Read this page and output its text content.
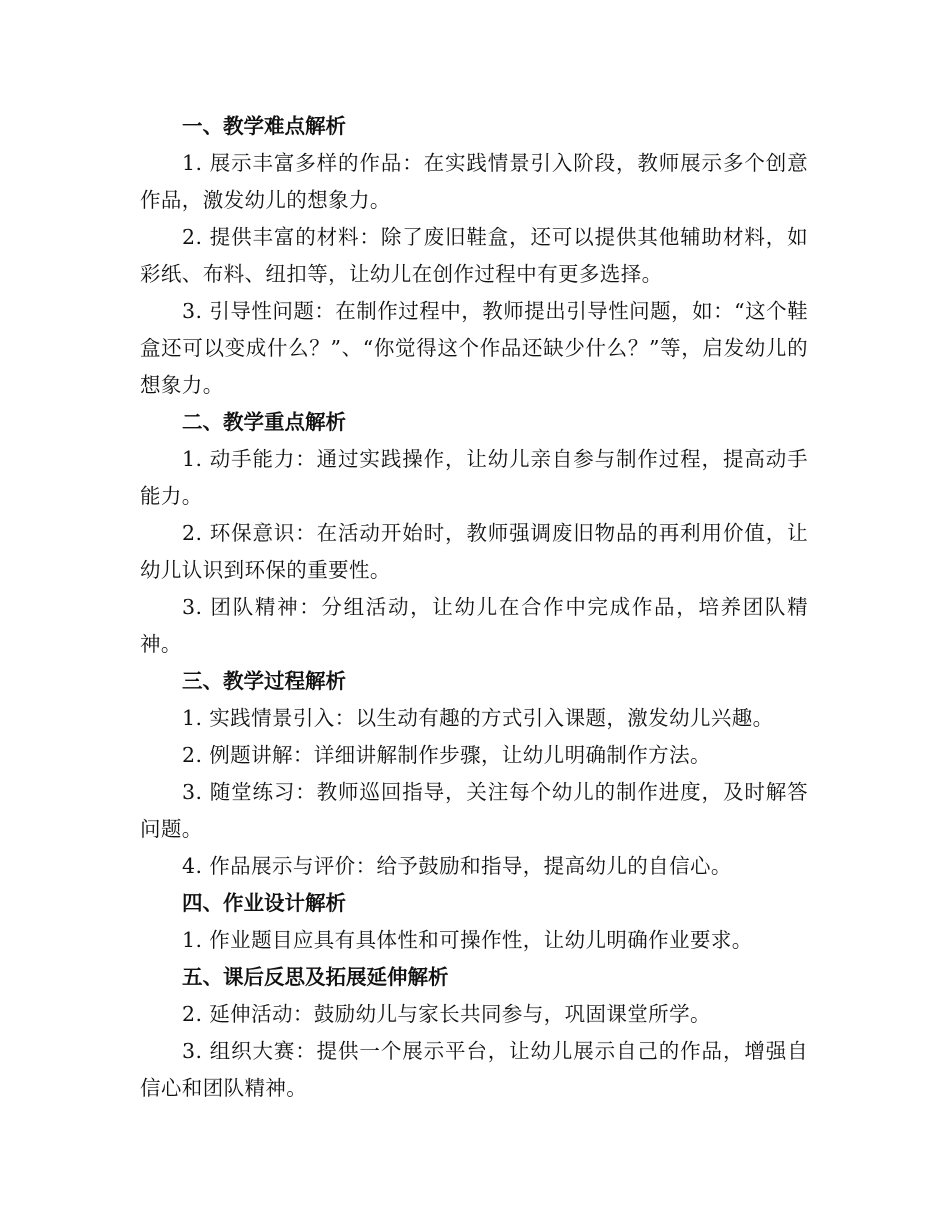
一、教学难点解析

1. 展示丰富多样的作品：在实践情景引入阶段，教师展示多个创意作品，激发幼儿的想象力。

2. 提供丰富的材料：除了废旧鞋盒，还可以提供其他辅助材料，如彩纸、布料、纽扣等，让幼儿在创作过程中有更多选择。

3. 引导性问题：在制作过程中，教师提出引导性问题，如：“这个鞋盒还可以变成什么？”、“你觉得这个作品还缺少什么？”等，启发幼儿的想象力。

二、教学重点解析

1. 动手能力：通过实践操作，让幼儿亲自参与制作过程，提高动手能力。

2. 环保意识：在活动开始时，教师强调废旧物品的再利用价值，让幼儿认识到环保的重要性。

3. 团队精神：分组活动，让幼儿在合作中完成作品，培养团队精神。

三、教学过程解析

1. 实践情景引入：以生动有趣的方式引入课题，激发幼儿兴趣。

2. 例题讲解：详细讲解制作步骤，让幼儿明确制作方法。

3. 随堂练习：教师巡回指导，关注每个幼儿的制作进度，及时解答问题。

4. 作品展示与评价：给予鼓励和指导，提高幼儿的自信心。

四、作业设计解析

1. 作业题目应具有具体性和可操作性，让幼儿明确作业要求。

五、课后反思及拓展延伸解析

2. 延伸活动：鼓励幼儿与家长共同参与，巩固课堂所学。

3. 组织大赛：提供一个展示平台，让幼儿展示自己的作品，增强自信心和团队精神。
